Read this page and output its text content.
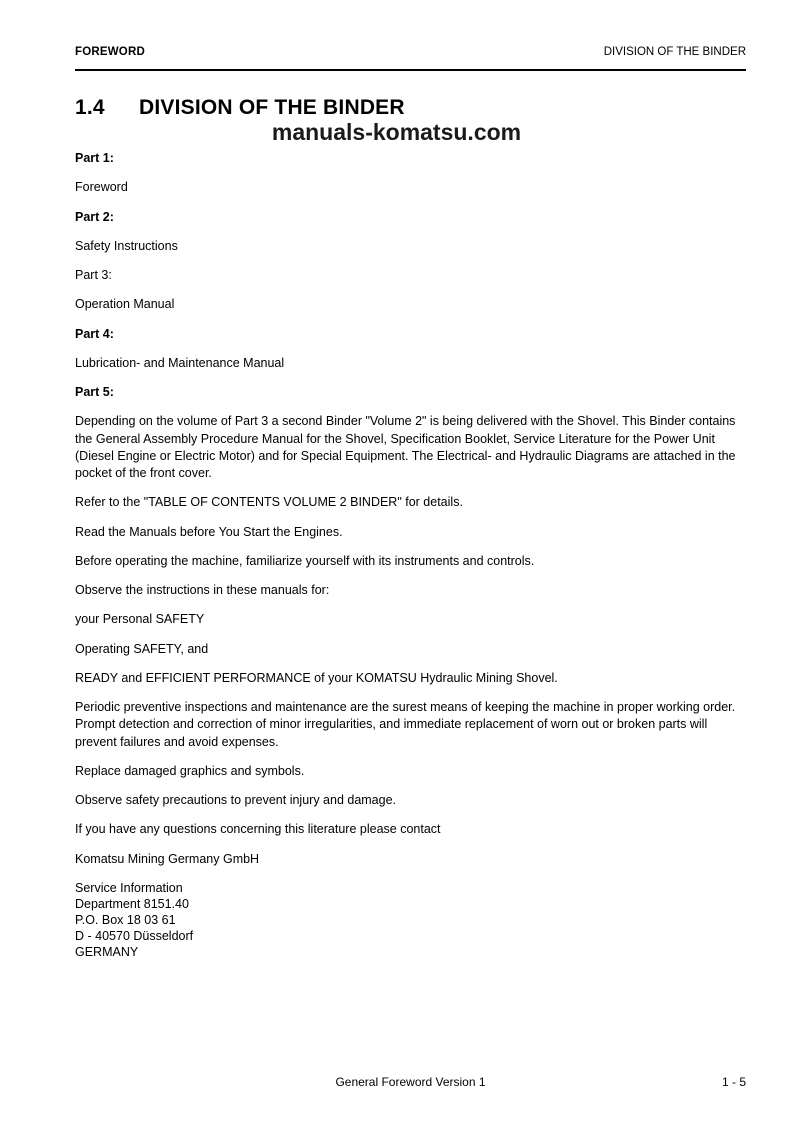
FOREWORD	DIVISION OF THE BINDER
1.4 DIVISION OF THE BINDER
manuals-komatsu.com

Part 1:

Foreword

Part 2:

Safety Instructions

Part 3:

Operation Manual

Part 4:

Lubrication- and Maintenance Manual

Part 5:

Depending on the volume of Part 3 a second Binder "Volume 2" is being delivered with the Shovel. This Binder contains the General Assembly Procedure Manual for the Shovel, Specification Booklet, Service Literature for the Power Unit (Diesel Engine or Electric Motor) and for Special Equipment. The Electrical- and Hydraulic Diagrams are attached in the pocket of the front cover.

Refer to the "TABLE OF CONTENTS VOLUME 2 BINDER" for details.

Read the Manuals before You Start the Engines.

Before operating the machine, familiarize yourself with its instruments and controls.

Observe the instructions in these manuals for:

your Personal SAFETY

Operating SAFETY, and

READY and EFFICIENT PERFORMANCE of your KOMATSU Hydraulic Mining Shovel.

Periodic preventive inspections and maintenance are the surest means of keeping the machine in proper working order. Prompt detection and correction of minor irregularities, and immediate replacement of worn out or broken parts will prevent failures and avoid expenses.

Replace damaged graphics and symbols.

Observe safety precautions to prevent injury and damage.

If you have any questions concerning this literature please contact

Komatsu Mining Germany GmbH

Service Information
Department 8151.40
P.O. Box 18 03 61
D - 40570 Düsseldorf
GERMANY

General Foreword Version 1	1 - 5
